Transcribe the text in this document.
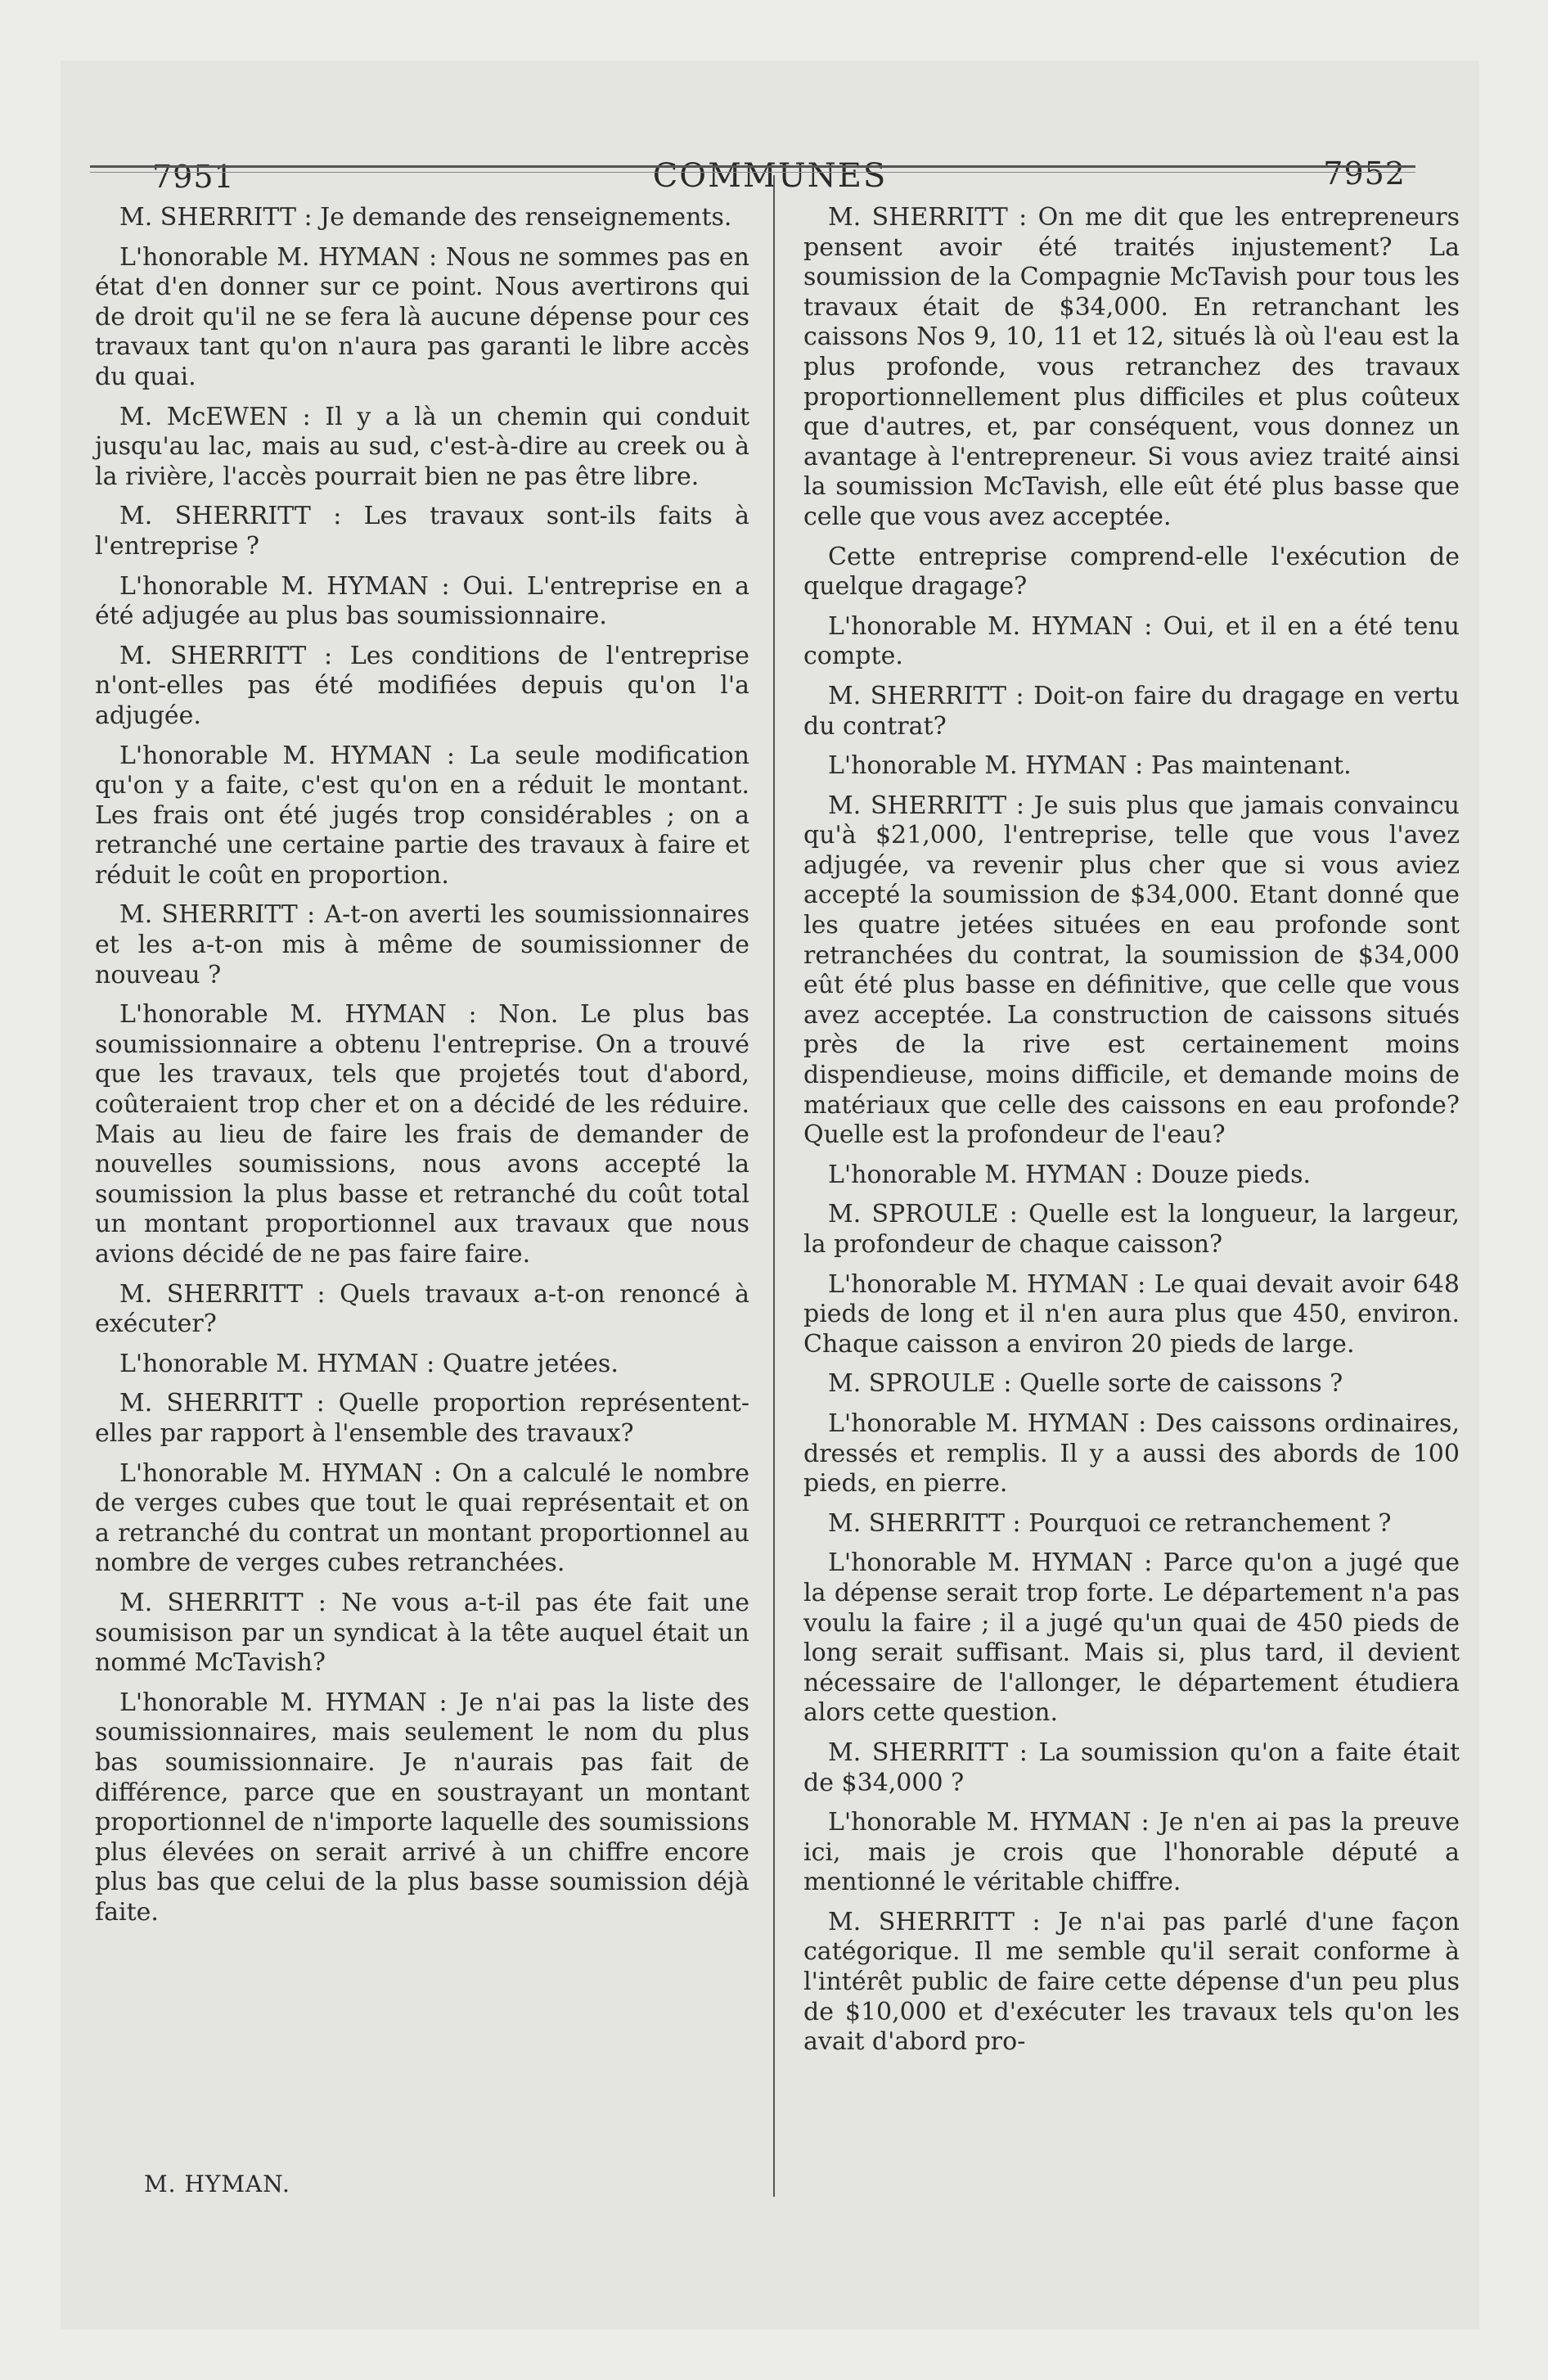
7951	COMMUNES	7952

M. SHERRITT : Je demande des renseignements.

L'honorable M. HYMAN : Nous ne sommes pas en état d'en donner sur ce point. Nous avertirons qui de droit qu'il ne se fera là aucune dépense pour ces travaux tant qu'on n'aura pas garanti le libre accès du quai.

M. McEWEN : Il y a là un chemin qui conduit jusqu'au lac, mais au sud, c'est-à-dire au creek ou à la rivière, l'accès pourrait bien ne pas être libre.

M. SHERRITT : Les travaux sont-ils faits à l'entreprise ?

L'honorable M. HYMAN : Oui. L'entreprise en a été adjugée au plus bas soumissionnaire.

M. SHERRITT : Les conditions de l'entreprise n'ont-elles pas été modifiées depuis qu'on l'a adjugée.

L'honorable M. HYMAN : La seule modification qu'on y a faite, c'est qu'on en a réduit le montant. Les frais ont été jugés trop considérables ; on a retranché une certaine partie des travaux à faire et réduit le coût en proportion.

M. SHERRITT : A-t-on averti les soumissionnaires et les a-t-on mis à même de soumissionner de nouveau ?

L'honorable M. HYMAN : Non. Le plus bas soumissionnaire a obtenu l'entreprise. On a trouvé que les travaux, tels que projetés tout d'abord, coûteraient trop cher et on a décidé de les réduire. Mais au lieu de faire les frais de demander de nouvelles soumissions, nous avons accepté la soumission la plus basse et retranché du coût total un montant proportionnel aux travaux que nous avions décidé de ne pas faire faire.

M. SHERRITT : Quels travaux a-t-on renoncé à exécuter?

L'honorable M. HYMAN : Quatre jetées.

M. SHERRITT : Quelle proportion représentent-elles par rapport à l'ensemble des travaux?

L'honorable M. HYMAN : On a calculé le nombre de verges cubes que tout le quai représentait et on a retranché du contrat un montant proportionnel au nombre de verges cubes retranchées.

M. SHERRITT : Ne vous a-t-il pas éte fait une soumisison par un syndicat à la tête auquel était un nommé McTavish?

L'honorable M. HYMAN : Je n'ai pas la liste des soumissionnaires, mais seulement le nom du plus bas soumissionnaire. Je n'aurais pas fait de différence, parce que en soustrayant un montant proportionnel de n'importe laquelle des soumissions plus élevées on serait arrivé à un chiffre encore plus bas que celui de la plus basse soumission déjà faite.

M. SHERRITT : On me dit que les entrepreneurs pensent avoir été traités injustement? La soumission de la Compagnie McTavish pour tous les travaux était de $34,000. En retranchant les caissons Nos 9, 10, 11 et 12, situés là où l'eau est la plus profonde, vous retranchez des travaux proportionnellement plus difficiles et plus coûteux que d'autres, et, par conséquent, vous donnez un avantage à l'entrepreneur. Si vous aviez traité ainsi la soumission McTavish, elle eût été plus basse que celle que vous avez acceptée.

Cette entreprise comprend-elle l'exécution de quelque dragage?

L'honorable M. HYMAN : Oui, et il en a été tenu compte.

M. SHERRITT : Doit-on faire du dragage en vertu du contrat?

L'honorable M. HYMAN : Pas maintenant.

M. SHERRITT : Je suis plus que jamais convaincu qu'à $21,000, l'entreprise, telle que vous l'avez adjugée, va revenir plus cher que si vous aviez accepté la soumission de $34,000. Etant donné que les quatre jetées situées en eau profonde sont retranchées du contrat, la soumission de $34,000 eût été plus basse en définitive, que celle que vous avez acceptée. La construction de caissons situés près de la rive est certainement moins dispendieuse, moins difficile, et demande moins de matériaux que celle des caissons en eau profonde? Quelle est la profondeur de l'eau?

L'honorable M. HYMAN : Douze pieds.

M. SPROULE : Quelle est la longueur, la largeur, la profondeur de chaque caisson?

L'honorable M. HYMAN : Le quai devait avoir 648 pieds de long et il n'en aura plus que 450, environ. Chaque caisson a environ 20 pieds de large.

M. SPROULE : Quelle sorte de caissons ?

L'honorable M. HYMAN : Des caissons ordinaires, dressés et remplis. Il y a aussi des abords de 100 pieds, en pierre.

M. SHERRITT : Pourquoi ce retranchement ?

L'honorable M. HYMAN : Parce qu'on a jugé que la dépense serait trop forte. Le département n'a pas voulu la faire ; il a jugé qu'un quai de 450 pieds de long serait suffisant. Mais si, plus tard, il devient nécessaire de l'allonger, le département étudiera alors cette question.

M. SHERRITT : La soumission qu'on a faite était de $34,000 ?

L'honorable M. HYMAN : Je n'en ai pas la preuve ici, mais je crois que l'honorable député a mentionné le véritable chiffre.

M. SHERRITT : Je n'ai pas parlé d'une façon catégorique. Il me semble qu'il serait conforme à l'intérêt public de faire cette dépense d'un peu plus de $10,000 et d'exécuter les travaux tels qu'on les avait d'abord pro-

M. HYMAN.
